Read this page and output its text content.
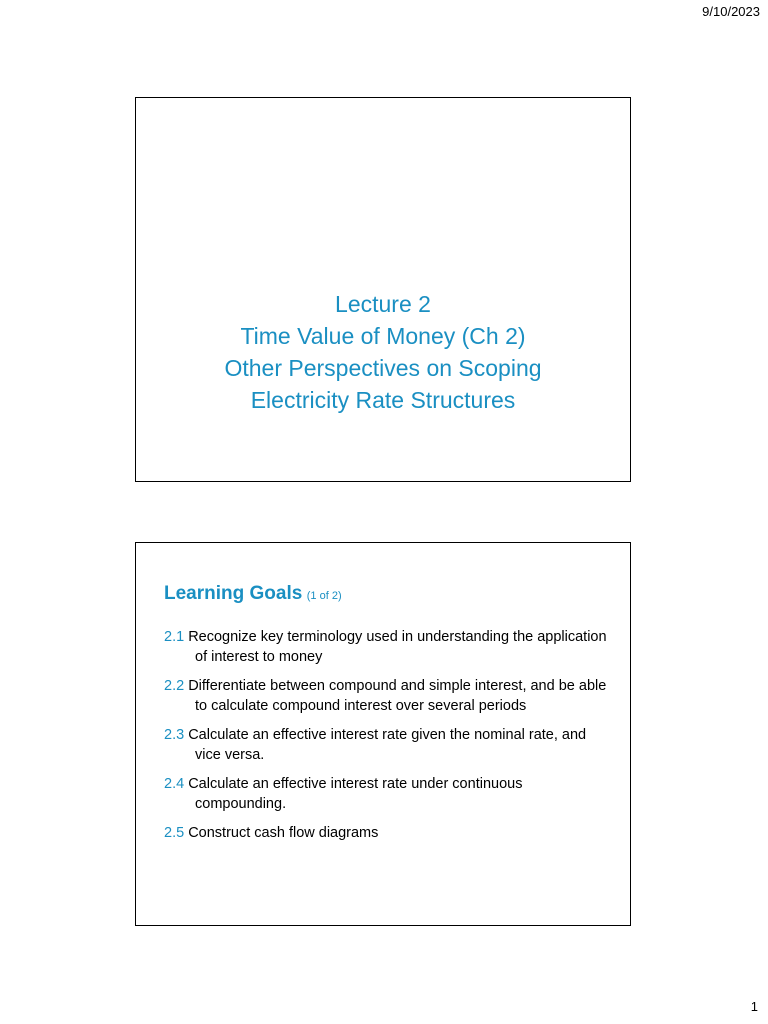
9/10/2023
Lecture 2
Time Value of Money (Ch 2)
Other Perspectives on Scoping
Electricity Rate Structures
Learning Goals (1 of 2)
2.1 Recognize key terminology used in understanding the application of interest to money
2.2 Differentiate between compound and simple interest, and be able to calculate compound interest over several periods
2.3 Calculate an effective interest rate given the nominal rate, and vice versa.
2.4 Calculate an effective interest rate under continuous compounding.
2.5 Construct cash flow diagrams
1
